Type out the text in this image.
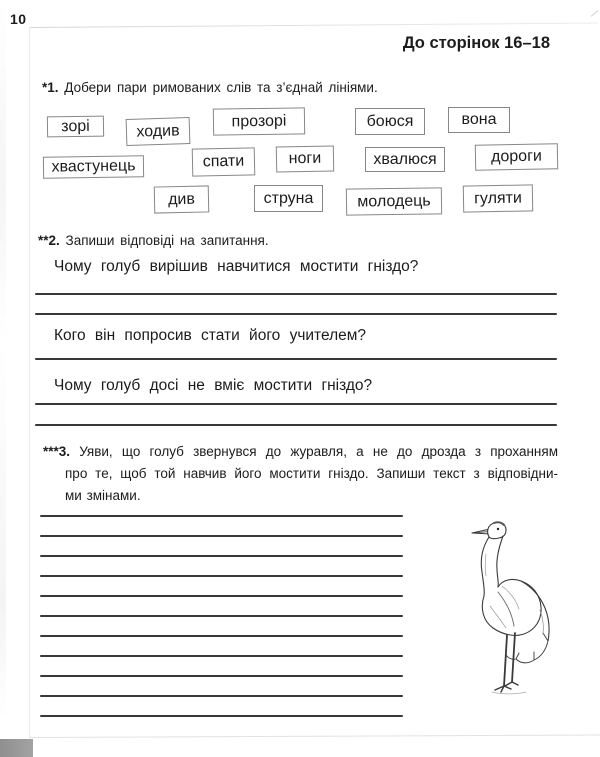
10
До сторінок 16–18
*1. Добери пари римованих слів та з’єднай лініями.
зорі	ходив
прозорі	боюся	вона
хвастунець	спати	ноги	хвалюся	дороги
див	струна	молодець	гуляти
**2. Запиши відповіді на запитання.
Чому голуб вирішив навчитися мостити гніздо?
Кого він попросив стати його учителем?
Чому голуб досі не вміє мостити гніздо?
***3. Уяви, що голуб звернувся до журавля, а не до дрозда з проханням
про те, щоб той навчив його мостити гніздо. Запиши текст з відповідни-
ми змінами.
